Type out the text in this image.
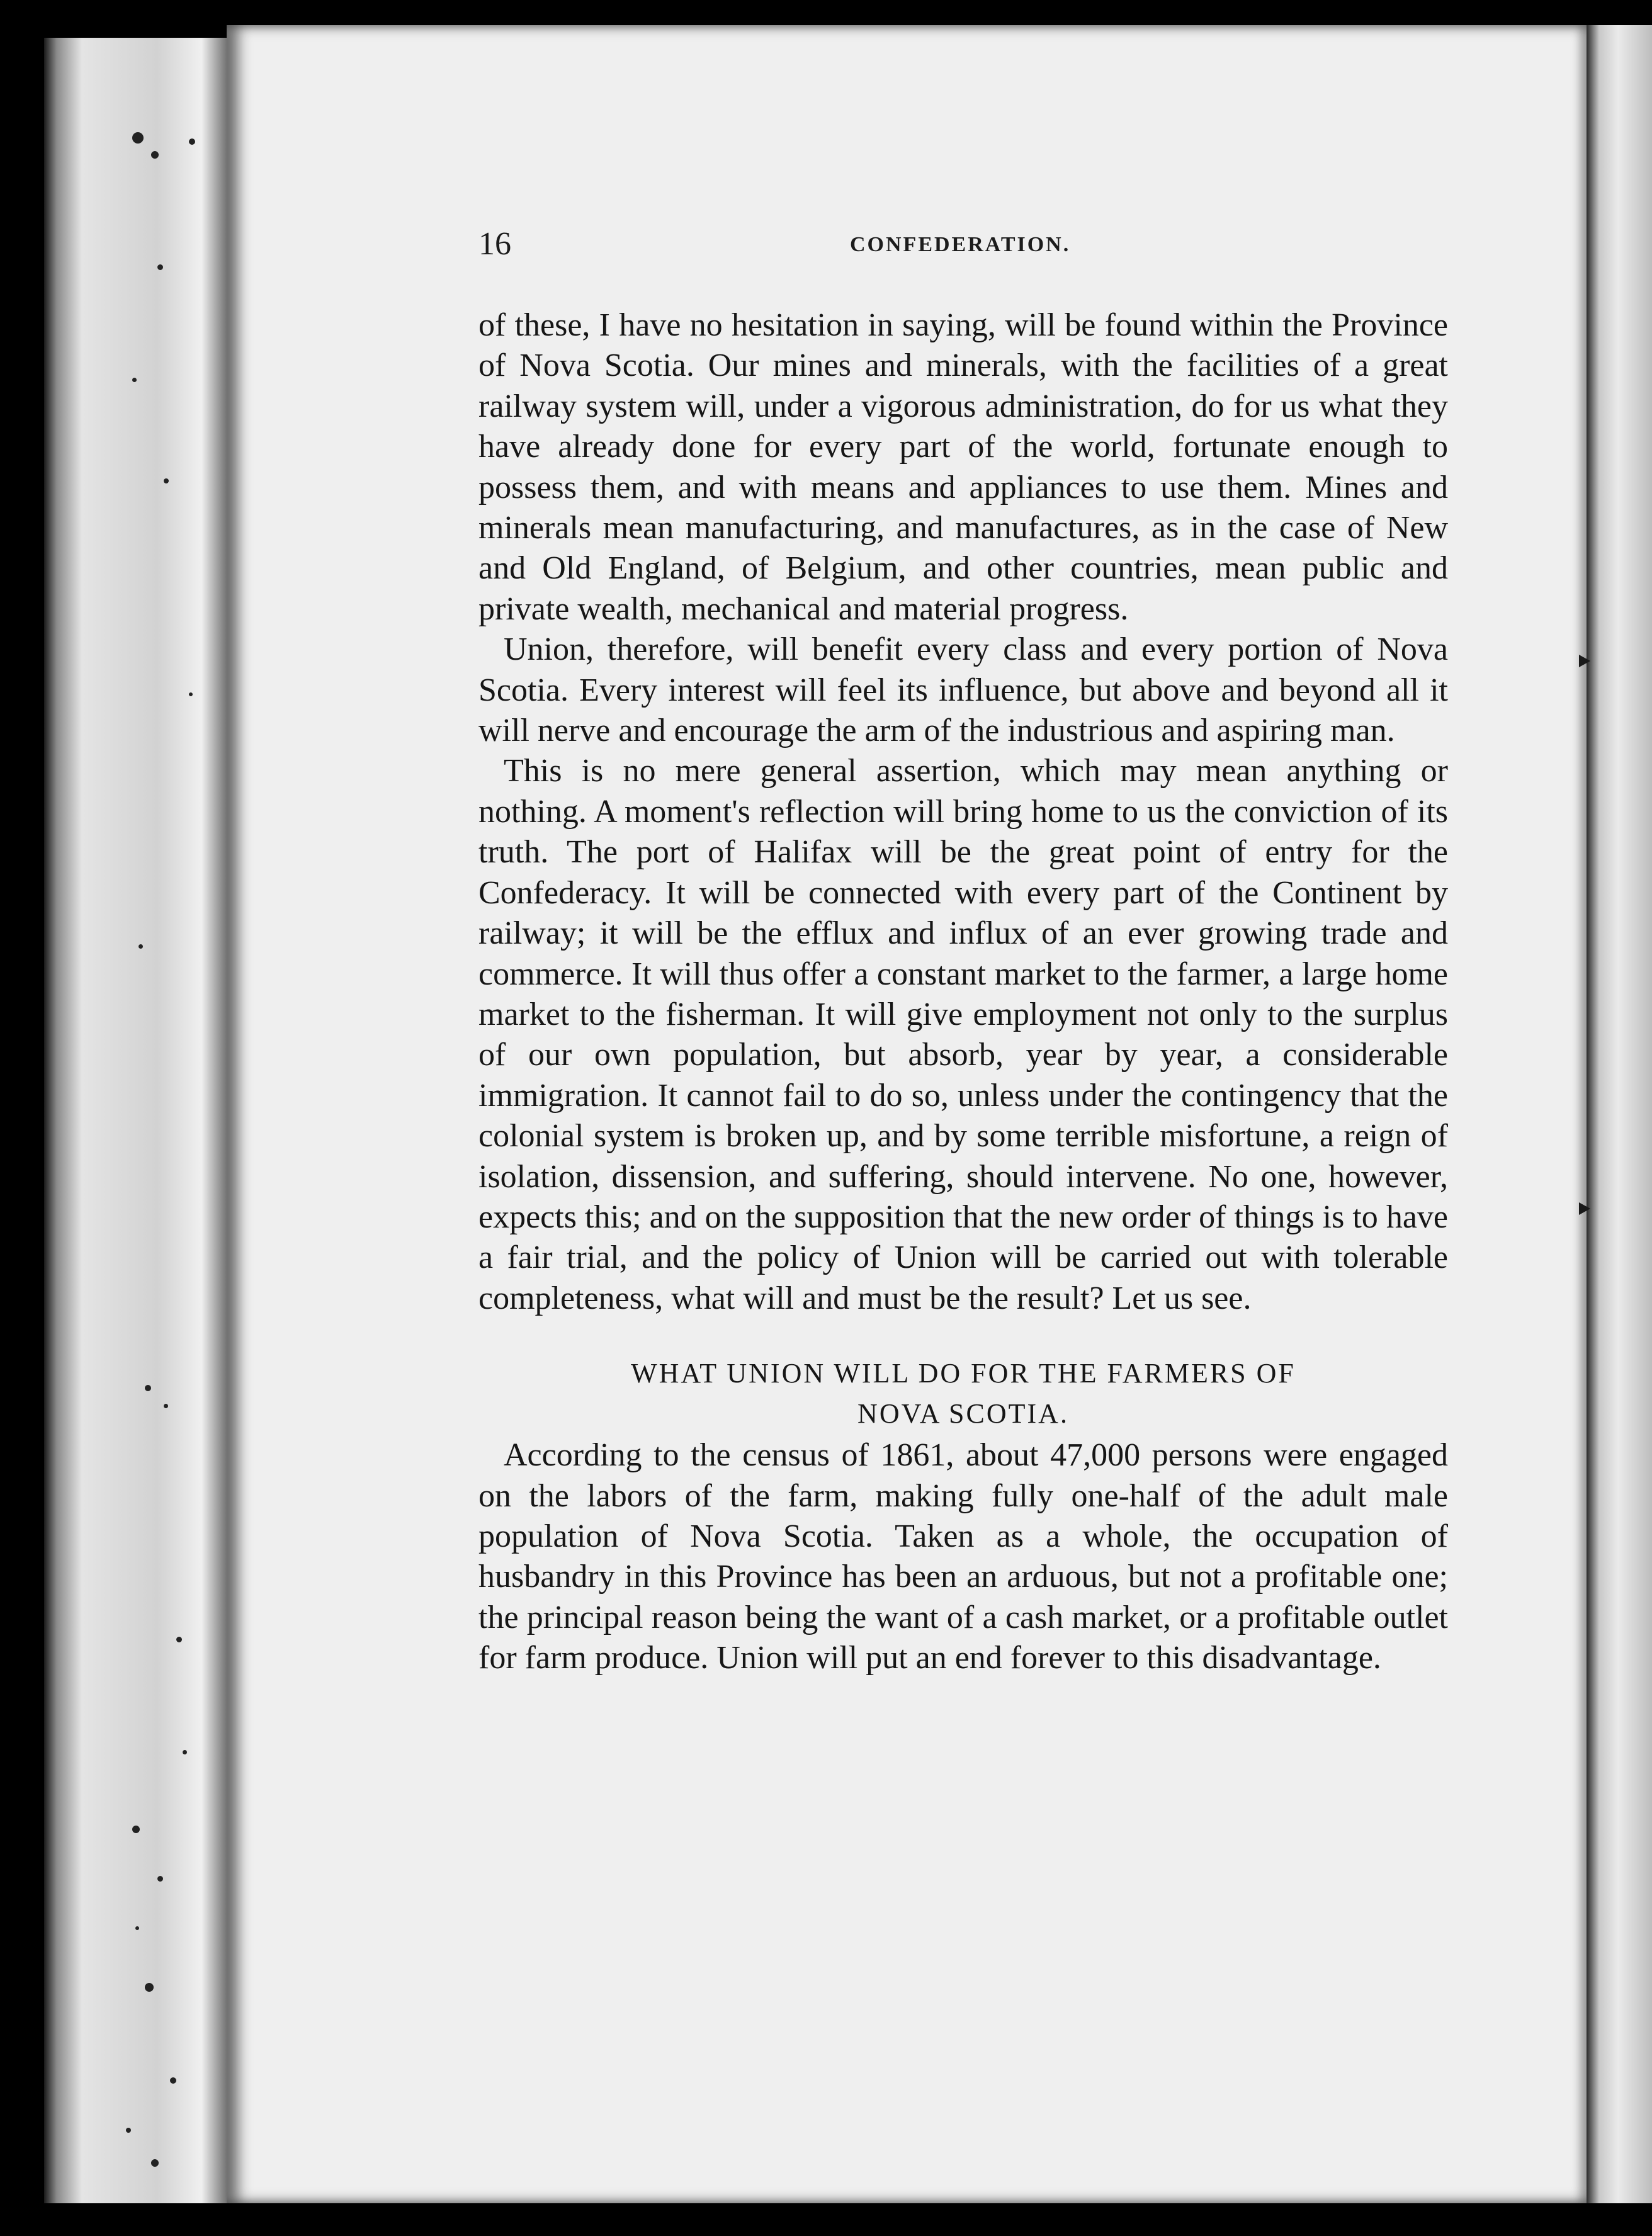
16	CONFEDERATION.

of these, I have no hesitation in saying, will be found within the Province of Nova Scotia. Our mines and minerals, with the facilities of a great railway system will, under a vigorous administration, do for us what they have already done for every part of the world, fortunate enough to possess them, and with means and appliances to use them. Mines and minerals mean manufacturing, and manufactures, as in the case of New and Old England, of Belgium, and other countries, mean public and private wealth, mechanical and material progress.

Union, therefore, will benefit every class and every portion of Nova Scotia. Every interest will feel its influence, but above and beyond all it will nerve and encourage the arm of the industrious and aspiring man.

This is no mere general assertion, which may mean anything or nothing. A moment's reflection will bring home to us the conviction of its truth. The port of Halifax will be the great point of entry for the Confederacy. It will be connected with every part of the Continent by railway; it will be the efflux and influx of an ever growing trade and commerce. It will thus offer a constant market to the farmer, a large home market to the fisherman. It will give employment not only to the surplus of our own population, but absorb, year by year, a considerable immigration. It cannot fail to do so, unless under the contingency that the colonial system is broken up, and by some terrible misfortune, a reign of isolation, dissension, and suffering, should intervene. No one, however, expects this; and on the supposition that the new order of things is to have a fair trial, and the policy of Union will be carried out with tolerable completeness, what will and must be the result? Let us see.

WHAT UNION WILL DO FOR THE FARMERS OF
NOVA SCOTIA.

According to the census of 1861, about 47,000 persons were engaged on the labors of the farm, making fully one-half of the adult male population of Nova Scotia. Taken as a whole, the occupation of husbandry in this Province has been an arduous, but not a profitable one; the principal reason being the want of a cash market, or a profitable outlet for farm produce. Union will put an end forever to this disadvantage.
